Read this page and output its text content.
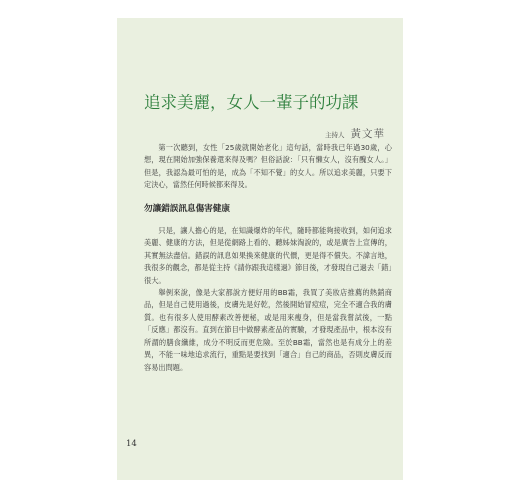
追求美麗，女人一輩子的功課
主持人 黃文華

第一次聽到，女性「25歲就開始老化」這句話，當時我已年過30歲，心想，現在開始加強保養還來得及嗎？但俗話說：「只有懶女人，沒有醜女人。」但是，我認為最可怕的是，成為「不知不覺」的女人。所以追求美麗，只要下定決心，當然任何時候都來得及。

勿讓錯誤訊息傷害健康

只是，讓人擔心的是，在知識爆炸的年代，隨時都能夠接收到，如何追求美麗、健康的方法，但是從網路上看的、聽姊妹淘說的，或是廣告上宣傳的，其實無法盡信。錯誤的訊息如果換來健康的代價，更是得不償失。不諱言地，我很多的觀念，都是從主持《請你跟我這樣過》節目後，才發現自己過去「錯」很大。

舉例來說，像是大家都說方便好用的BB霜，我買了美妝店推薦的熱銷商品，但是自己使用過後，皮膚先是好乾，然後開始冒痘痘，完全不適合我的膚質。也有很多人使用酵素改善便秘，或是用來瘦身，但是當我嘗試後，一點「反應」都沒有。直到在節目中做酵素產品的實驗，才發現產品中，根本沒有所謂的膳食纖維，成分不明反而更危險。至於BB霜，當然也是有成分上的差異，不能一味地追求流行，重點是要找到「適合」自己的商品，否則皮膚反而容易出問題。

14
